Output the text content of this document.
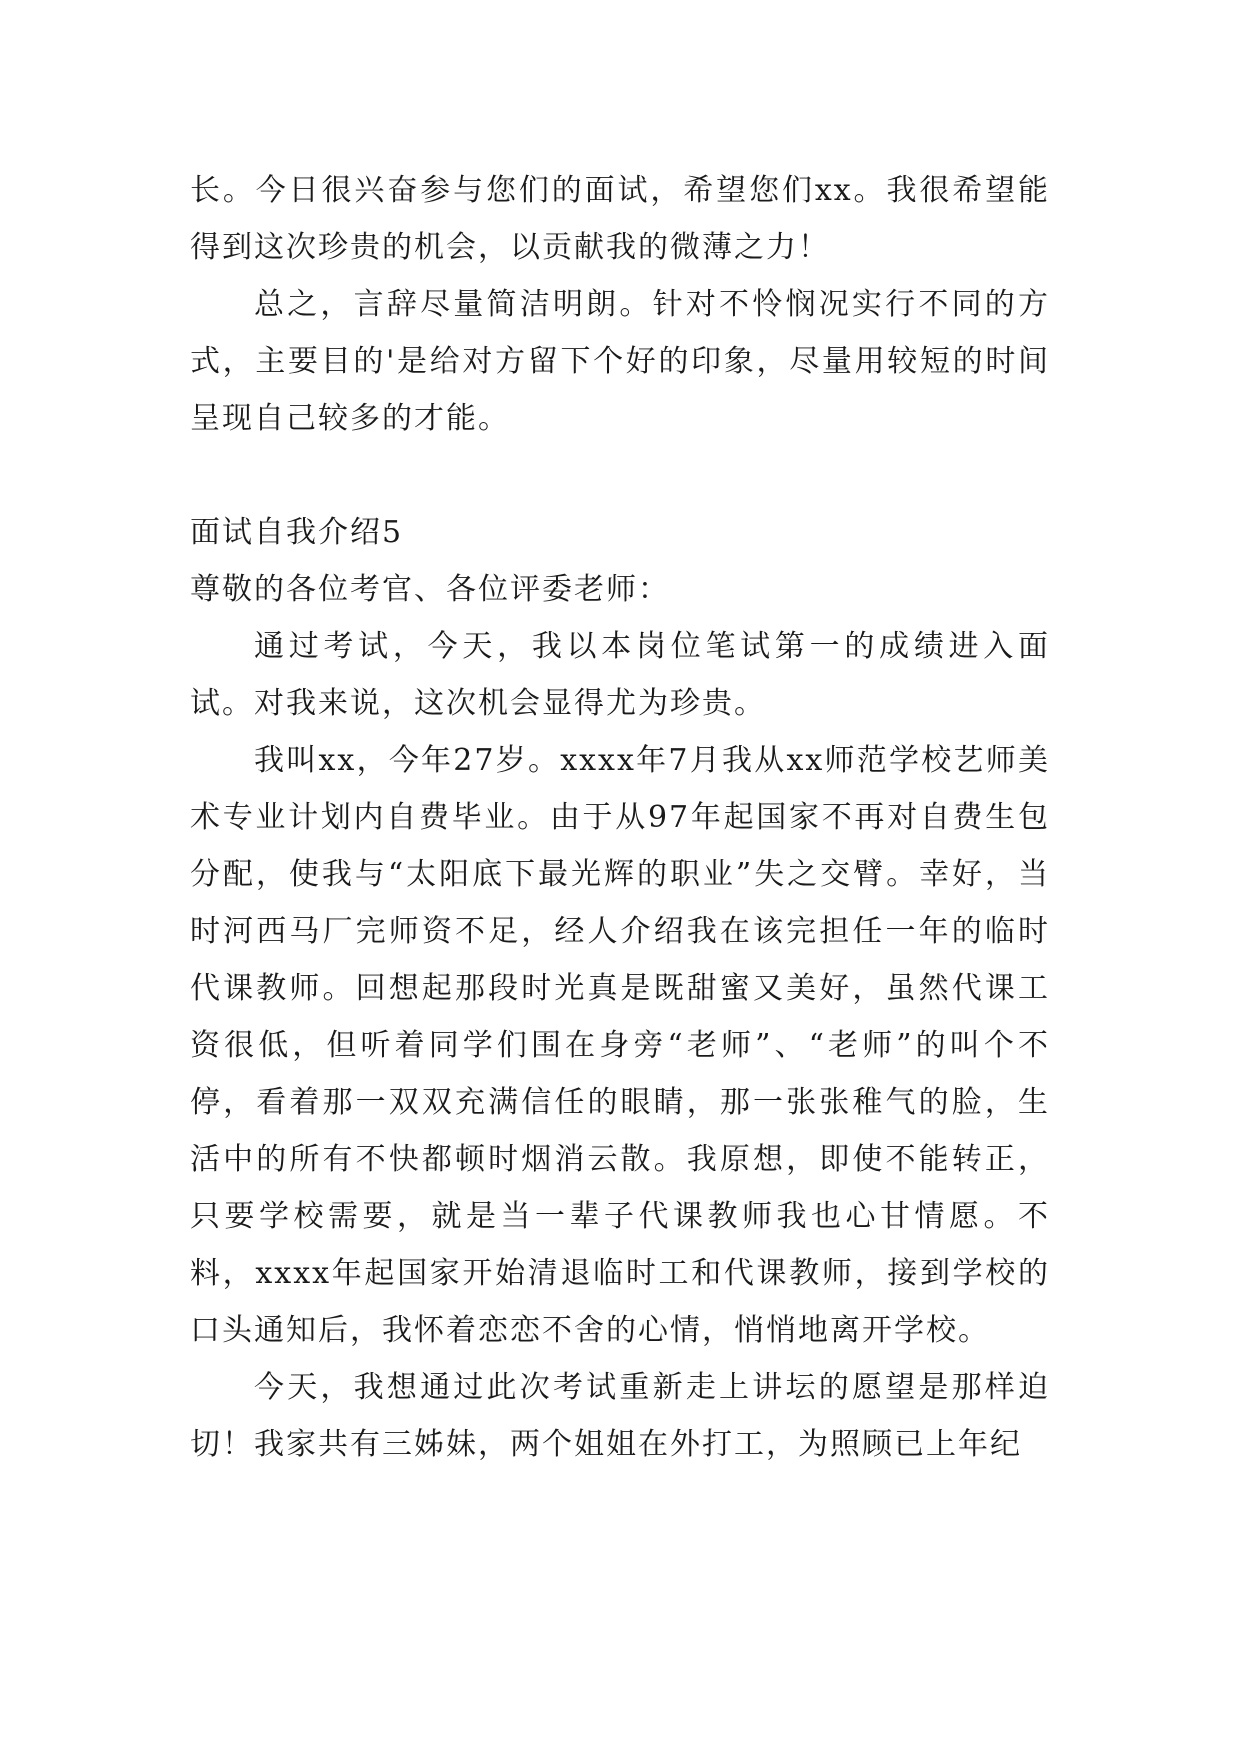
长。今日很兴奋参与您们的面试，希望您们xx。我很希望能得到这次珍贵的机会，以贡献我的微薄之力！

总之，言辞尽量简洁明朗。针对不怜悯况实行不同的方式，主要目的'是给对方留下个好的印象，尽量用较短的时间呈现自己较多的才能。

面试自我介绍5

尊敬的各位考官、各位评委老师：

通过考试，今天，我以本岗位笔试第一的成绩进入面试。对我来说，这次机会显得尤为珍贵。

我叫xx，今年27岁。xxxx年7月我从xx师范学校艺师美术专业计划内自费毕业。由于从97年起国家不再对自费生包分配，使我与“太阳底下最光辉的职业”失之交臂。幸好，当时河西马厂完师资不足，经人介绍我在该完担任一年的临时代课教师。回想起那段时光真是既甜蜜又美好，虽然代课工资很低，但听着同学们围在身旁“老师”、“老师”的叫个不停，看着那一双双充满信任的眼睛，那一张张稚气的脸，生活中的所有不快都顿时烟消云散。我原想，即使不能转正，只要学校需要，就是当一辈子代课教师我也心甘情愿。不料，xxxx年起国家开始清退临时工和代课教师，接到学校的口头通知后，我怀着恋恋不舍的心情，悄悄地离开学校。

今天，我想通过此次考试重新走上讲坛的愿望是那样迫切！我家共有三姊妹，两个姐姐在外打工，为照顾已上年纪
